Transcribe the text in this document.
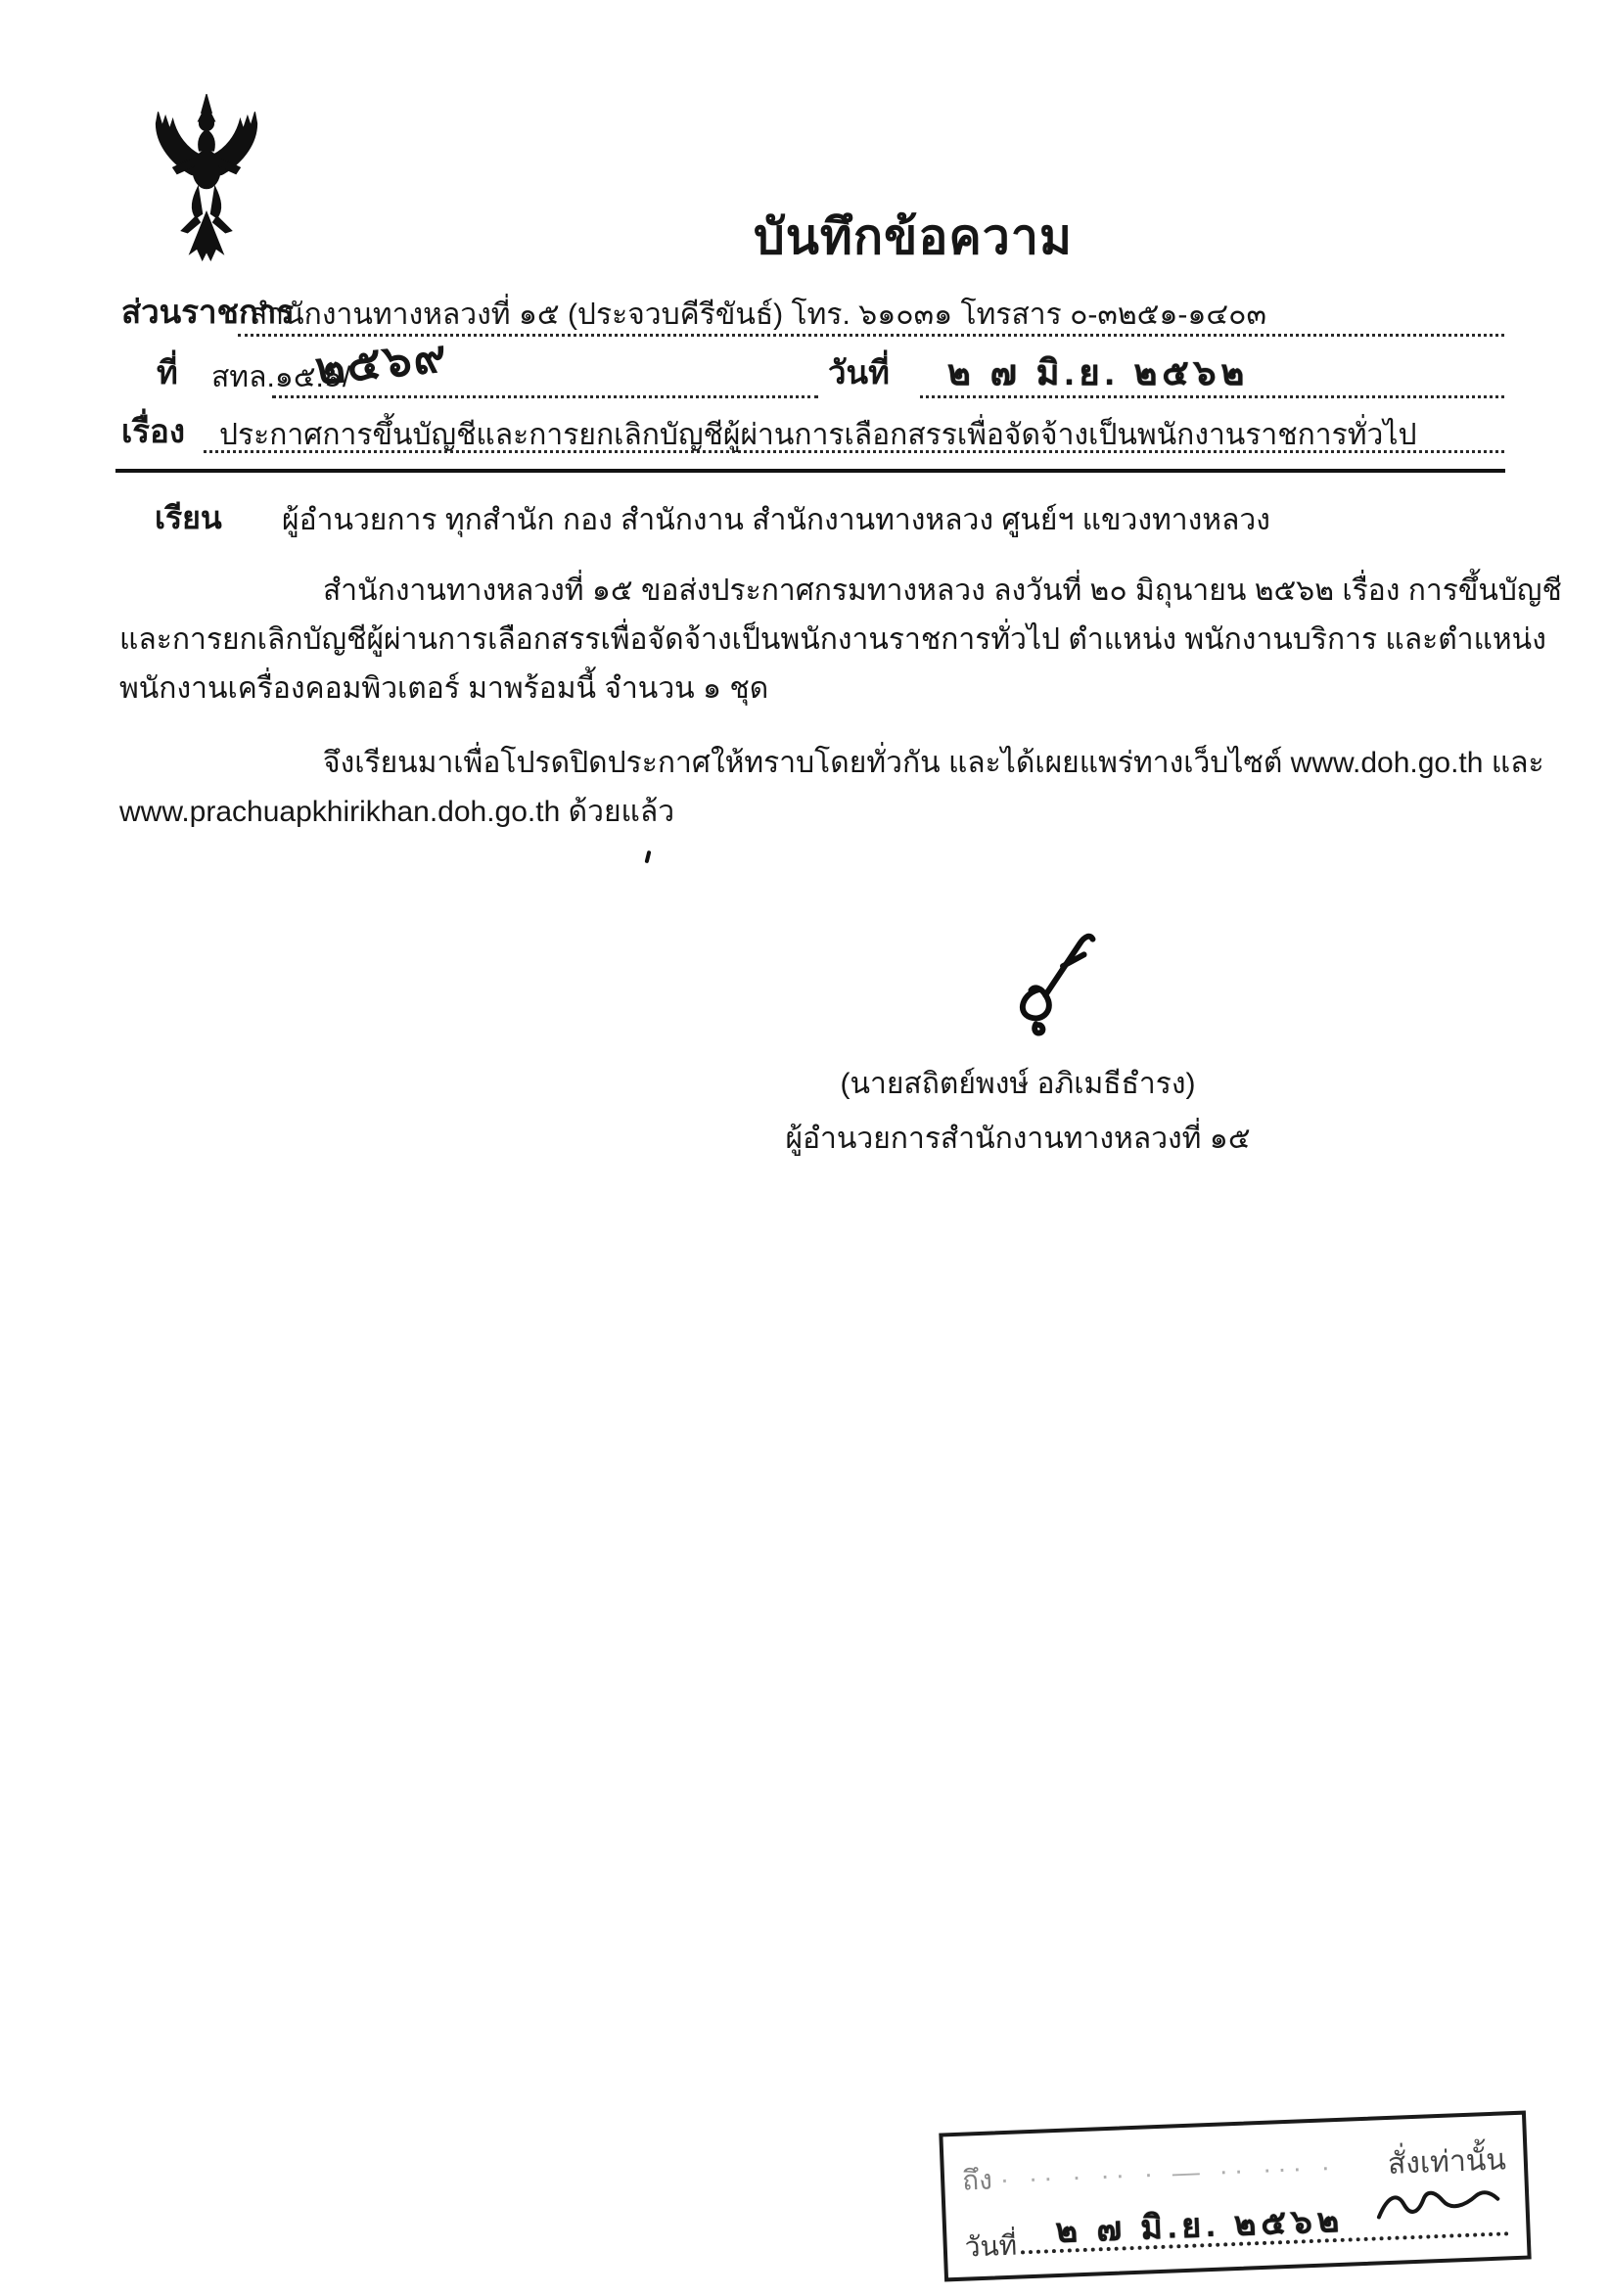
บันทึกข้อความ
ส่วนราชการ
สำนักงานทางหลวงที่ ๑๕ (ประจวบคีรีขันธ์) โทร. ๖๑๐๓๑ โทรสาร ๐-๓๒๕๑-๑๔๐๓
ที่ สทล.๑๕.๑/
๒๕๖๙	วันที่ ๒ ๗ มิ.ย. ๒๕๖๒
เรื่อง ประกาศการขึ้นบัญชีและการยกเลิกบัญชีผู้ผ่านการเลือกสรรเพื่อจัดจ้างเป็นพนักงานราชการทั่วไป
เรียน ผู้อำนวยการ ทุกสำนัก กอง สำนักงาน สำนักงานทางหลวง ศูนย์ฯ แขวงทางหลวง
สำนักงานทางหลวงที่ ๑๕ ขอส่งประกาศกรมทางหลวง ลงวันที่ ๒๐ มิถุนายน ๒๕๖๒ เรื่อง การขึ้นบัญชี
และการยกเลิกบัญชีผู้ผ่านการเลือกสรรเพื่อจัดจ้างเป็นพนักงานราชการทั่วไป ตำแหน่ง พนักงานบริการ และตำแหน่ง
พนักงานเครื่องคอมพิวเตอร์ มาพร้อมนี้ จำนวน ๑ ชุด
จึงเรียนมาเพื่อโปรดปิดประกาศให้ทราบโดยทั่วกัน และได้เผยแพร่ทางเว็บไซต์ www.doh.go.th และ
www.prachuapkhirikhan.doh.go.th ด้วยแล้ว
(นายสถิตย์พงษ์ อภิเมธีธำรง)
ผู้อำนวยการสำนักงานทางหลวงที่ ๑๕
ถึง · ·· · ·· · — ·· ··· ·	สั่งเท่านั้น
วันที่ ๒ ๗ มิ.ย. ๒๕๖๒
